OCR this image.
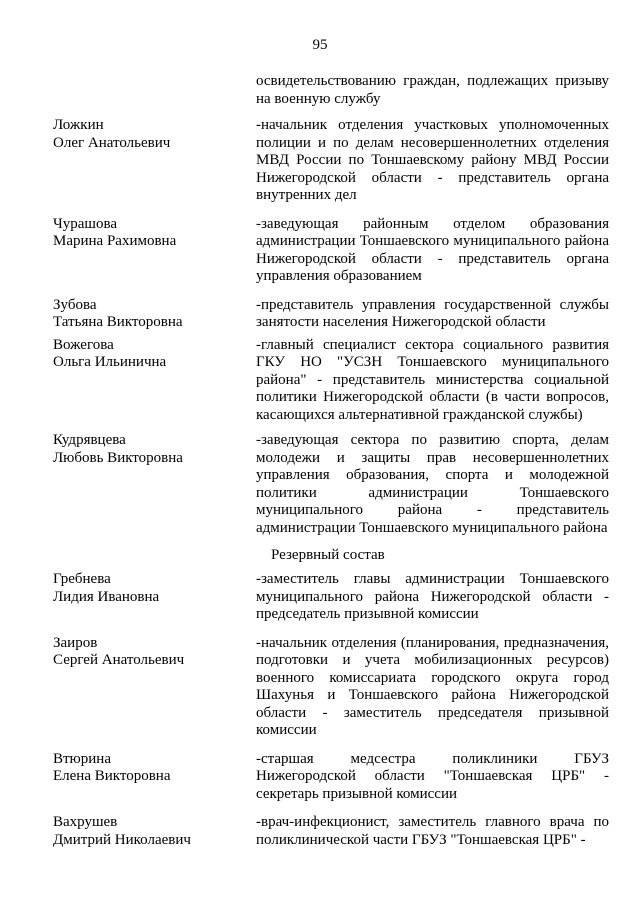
95
освидетельствованию граждан, подлежащих призыву на военную службу
Ложкин
Олег Анатольевич
-начальник отделения участковых уполномоченных полиции и по делам несовершеннолетних отделения МВД России по Тоншаевскому району МВД России Нижегородской области - представитель органа внутренних дел
Чурашова
Марина Рахимовна
-заведующая районным отделом образования администрации Тоншаевского муниципального района Нижегородской области - представитель органа управления образованием
Зубова
Татьяна Викторовна
-представитель управления государственной службы занятости населения Нижегородской области
Вожегова
Ольга Ильинична
-главный специалист сектора социального развития ГКУ НО "УСЗН Тоншаевского муниципального района" - представитель министерства социальной политики Нижегородской области (в части вопросов, касающихся альтернативной гражданской службы)
Кудрявцева
Любовь Викторовна
-заведующая сектора по развитию спорта, делам молодежи и защиты прав несовершеннолетних управления образования, спорта и молодежной политики администрации Тоншаевского муниципального района - представитель администрации Тоншаевского муниципального района
Резервный состав
Гребнева
Лидия Ивановна
-заместитель главы администрации Тоншаевского муниципального района Нижегородской области - председатель призывной комиссии
Заиров
Сергей Анатольевич
-начальник отделения (планирования, предназначения, подготовки и учета мобилизационных ресурсов) военного комиссариата городского округа город Шахунья и Тоншаевского района Нижегородской области - заместитель председателя призывной комиссии
Втюрина
Елена Викторовна
-старшая медсестра поликлиники ГБУЗ Нижегородской области "Тоншаевская ЦРБ" - секретарь призывной комиссии
Вахрушев
Дмитрий Николаевич
-врач-инфекционист, заместитель главного врача по поликлинической части ГБУЗ "Тоншаевская ЦРБ" -
